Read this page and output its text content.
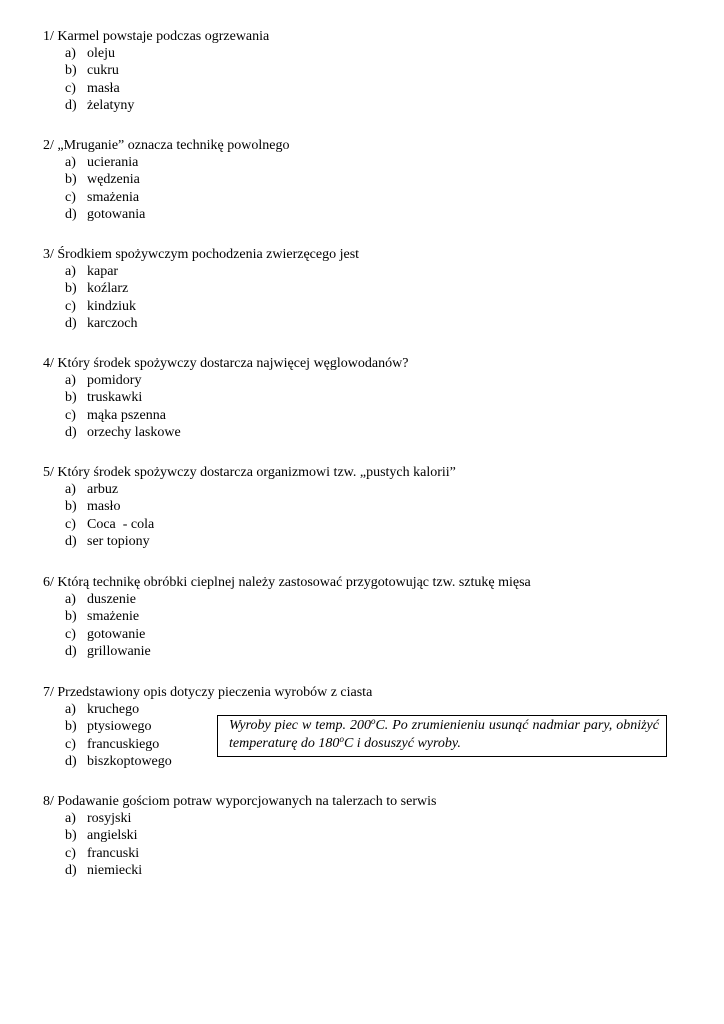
1/ Karmel powstaje podczas ogrzewania
a) oleju
b) cukru
c) masła
d) żelatyny
2/ „Mruganie” oznacza technikę powolnego
a) ucierania
b) wędzenia
c) smażenia
d) gotowania
3/ Środkiem spożywczym pochodzenia zwierzęcego jest
a) kapar
b) koźlarz
c) kindziuk
d) karczoch
4/ Który środek spożywczy dostarcza najwięcej węglowodanów?
a) pomidory
b) truskawki
c) mąka pszenna
d) orzechy laskowe
5/ Który środek spożywczy dostarcza organizmowi tzw. „pustych kalorii”
a) arbuz
b) masło
c) Coca  - cola
d) ser topiony
6/ Którą technikę obróbki cieplnej należy zastosować przygotowując tzw. sztukę mięsa
a) duszenie
b) smażenie
c) gotowanie
d) grillowanie
7/ Przedstawiony opis dotyczy pieczenia wyrobów z ciasta
a) kruchego
b) ptysiowego
c) francuskiego
d) biszkoptowego
Wyroby piec w temp. 200$^o$C. Po zrumienieniu usunąć nadmiar pary, obniżyć temperaturę do 180$^o$C i dosuszyć wyroby.
8/ Podawanie gościom potraw wyporcjowanych na talerzach to serwis
a) rosyjski
b) angielski
c) francuski
d) niemiecki
